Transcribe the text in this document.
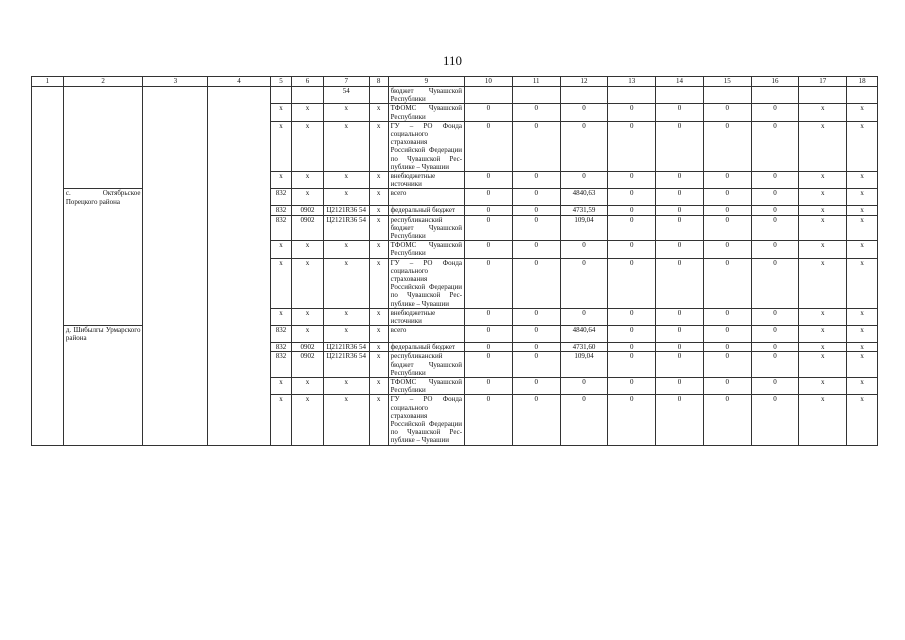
110
1	2	3	4	5	6	7	8	9	10	11	12	13	14	15	16	17	18
						54		бюджет Чувашской Республики									
				x	x	x	x	ТФОМС Чувашской Республики	0	0	0	0	0	0	0	x	x
				x	x	x	x	ГУ – РО Фонда социального страхования Российской Федерации по Чувашской Республике – Чувашии	0	0	0	0	0	0	0	x	x
				x	x	x	x	внебюджетные источники	0	0	0	0	0	0	0	x	x
	с. Октябрьское Порецкого района			832	x	x	x	всего	0	0	4840,63	0	0	0	0	x	x
				832	0902	Ц2121R36 54	x	федеральный бюджет	0	0	4731,59	0	0	0	0	x	x
				832	0902	Ц2121R36 54	x	республиканский бюджет Чувашской Республики	0	0	109,04	0	0	0	0	x	x
				x	x	x	x	ТФОМС Чувашской Республики	0	0	0	0	0	0	0	x	x
				x	x	x	x	ГУ – РО Фонда социального страхования Российской Федерации по Чувашской Республике – Чувашии	0	0	0	0	0	0	0	x	x
				x	x	x	x	внебюджетные источники	0	0	0	0	0	0	0	x	x
	д. Шибылгы Урмарского района			832	x	x	x	всего	0	0	4840,64	0	0	0	0	x	x
				832	0902	Ц2121R36 54	x	федеральный бюджет	0	0	4731,60	0	0	0	0	x	x
				832	0902	Ц2121R36 54	x	республиканский бюджет Чувашской Республики	0	0	109,04	0	0	0	0	x	x
				x	x	x	x	ТФОМС Чувашской Республики	0	0	0	0	0	0	0	x	x
				x	x	x	x	ГУ – РО Фонда социального страхования Российской Федерации по Чувашской Республике – Чувашии	0	0	0	0	0	0	0	x	x
